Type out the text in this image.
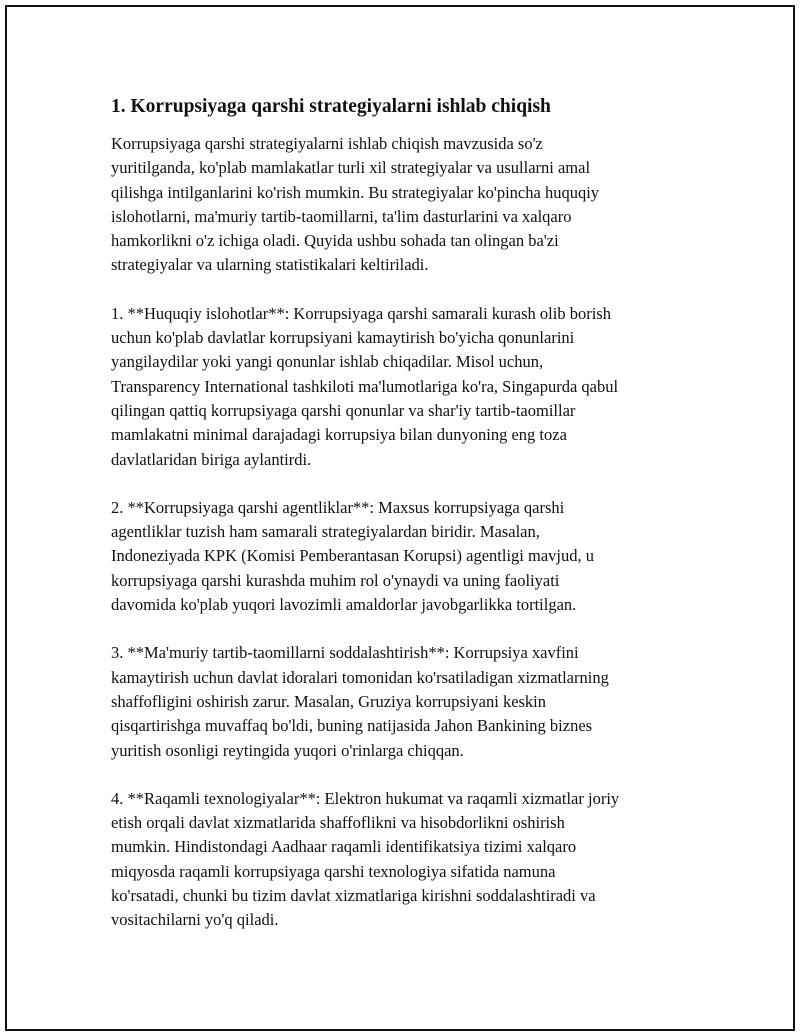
1. Korrupsiyaga qarshi strategiyalarni ishlab chiqish

Korrupsiyaga qarshi strategiyalarni ishlab chiqish mavzusida so'z
yuritilganda, ko'plab mamlakatlar turli xil strategiyalar va usullarni amal
qilishga intilganlarini ko'rish mumkin. Bu strategiyalar ko'pincha huquqiy
islohotlarni, ma'muriy tartib-taomillarni, ta'lim dasturlarini va xalqaro
hamkorlikni o'z ichiga oladi. Quyida ushbu sohada tan olingan ba'zi
strategiyalar va ularning statistikalari keltiriladi.

1. **Huquqiy islohotlar**: Korrupsiyaga qarshi samarali kurash olib borish
uchun ko'plab davlatlar korrupsiyani kamaytirish bo'yicha qonunlarini
yangilaydilar yoki yangi qonunlar ishlab chiqadilar. Misol uchun,
Transparency International tashkiloti ma'lumotlariga ko'ra, Singapurda qabul
qilingan qattiq korrupsiyaga qarshi qonunlar va shar'iy tartib-taomillar
mamlakatni minimal darajadagi korrupsiya bilan dunyoning eng toza
davlatlaridan biriga aylantirdi.

2. **Korrupsiyaga qarshi agentliklar**: Maxsus korrupsiyaga qarshi
agentliklar tuzish ham samarali strategiyalardan biridir. Masalan,
Indoneziyada KPK (Komisi Pemberantasan Korupsi) agentligi mavjud, u
korrupsiyaga qarshi kurashda muhim rol o'ynaydi va uning faoliyati
davomida ko'plab yuqori lavozimli amaldorlar javobgarlikka tortilgan.

3. **Ma'muriy tartib-taomillarni soddalashtirish**: Korrupsiya xavfini
kamaytirish uchun davlat idoralari tomonidan ko'rsatiladigan xizmatlarning
shaffofligini oshirish zarur. Masalan, Gruziya korrupsiyani keskin
qisqartirishga muvaffaq bo'ldi, buning natijasida Jahon Bankining biznes
yuritish osonligi reytingida yuqori o'rinlarga chiqqan.

4. **Raqamli texnologiyalar**: Elektron hukumat va raqamli xizmatlar joriy
etish orqali davlat xizmatlarida shaffoflikni va hisobdorlikni oshirish
mumkin. Hindistondagi Aadhaar raqamli identifikatsiya tizimi xalqaro
miqyosda raqamli korrupsiyaga qarshi texnologiya sifatida namuna
ko'rsatadi, chunki bu tizim davlat xizmatlariga kirishni soddalashtiradi va
vositachilarni yo'q qiladi.
